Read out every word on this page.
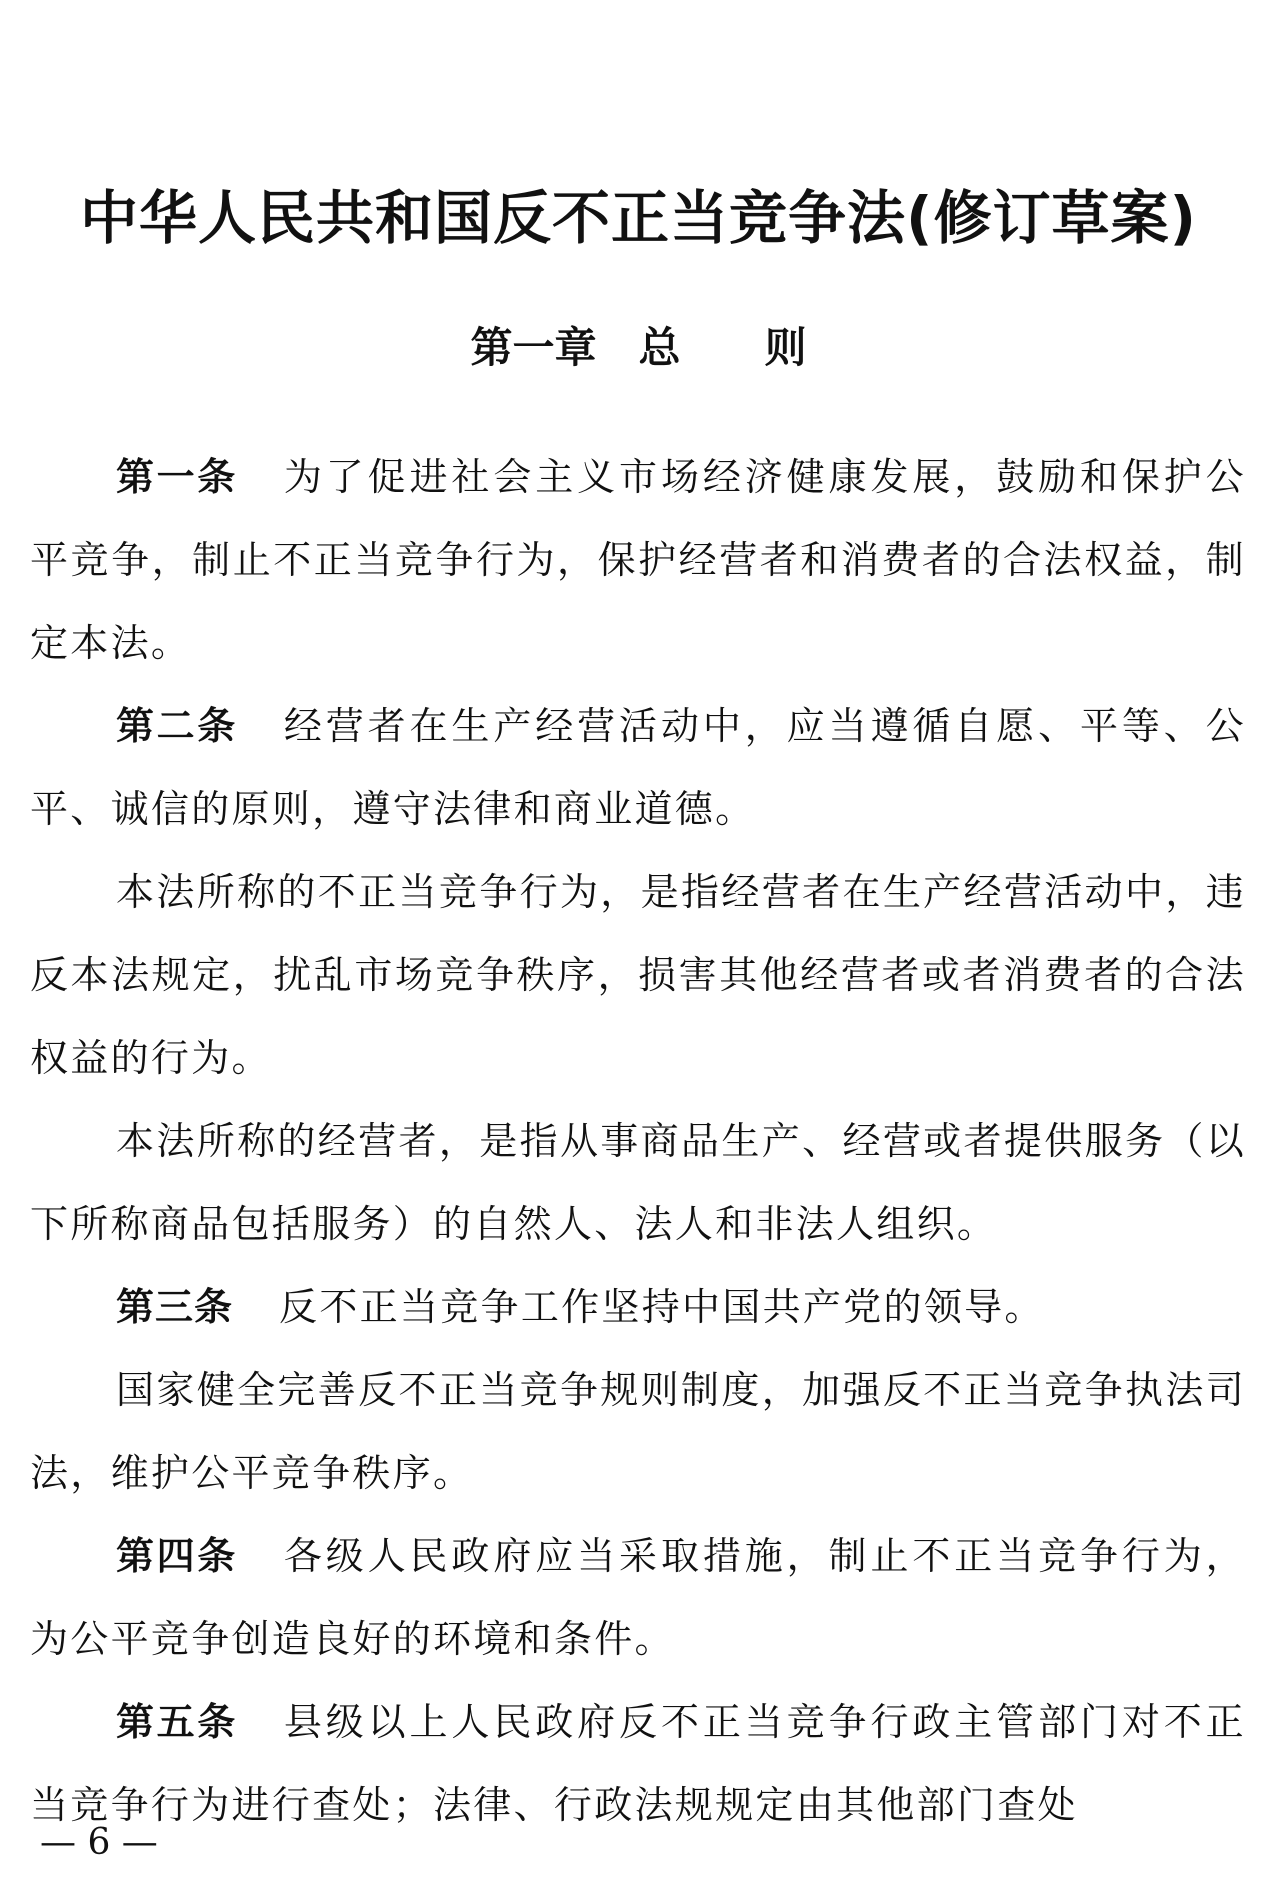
中华人民共和国反不正当竞争法(修订草案)
第一章　总　　则

第一条 为了促进社会主义市场经济健康发展，鼓励和保护公平竞争，制止不正当竞争行为，保护经营者和消费者的合法权益，制定本法。

第二条 经营者在生产经营活动中，应当遵循自愿、平等、公平、诚信的原则，遵守法律和商业道德。

本法所称的不正当竞争行为，是指经营者在生产经营活动中，违反本法规定，扰乱市场竞争秩序，损害其他经营者或者消费者的合法权益的行为。

本法所称的经营者，是指从事商品生产、经营或者提供服务（以下所称商品包括服务）的自然人、法人和非法人组织。

第三条 反不正当竞争工作坚持中国共产党的领导。

国家健全完善反不正当竞争规则制度，加强反不正当竞争执法司法，维护公平竞争秩序。

第四条 各级人民政府应当采取措施，制止不正当竞争行为，为公平竞争创造良好的环境和条件。

第五条 县级以上人民政府反不正当竞争行政主管部门对不正当竞争行为进行查处；法律、行政法规规定由其他部门查处

— 6 —
